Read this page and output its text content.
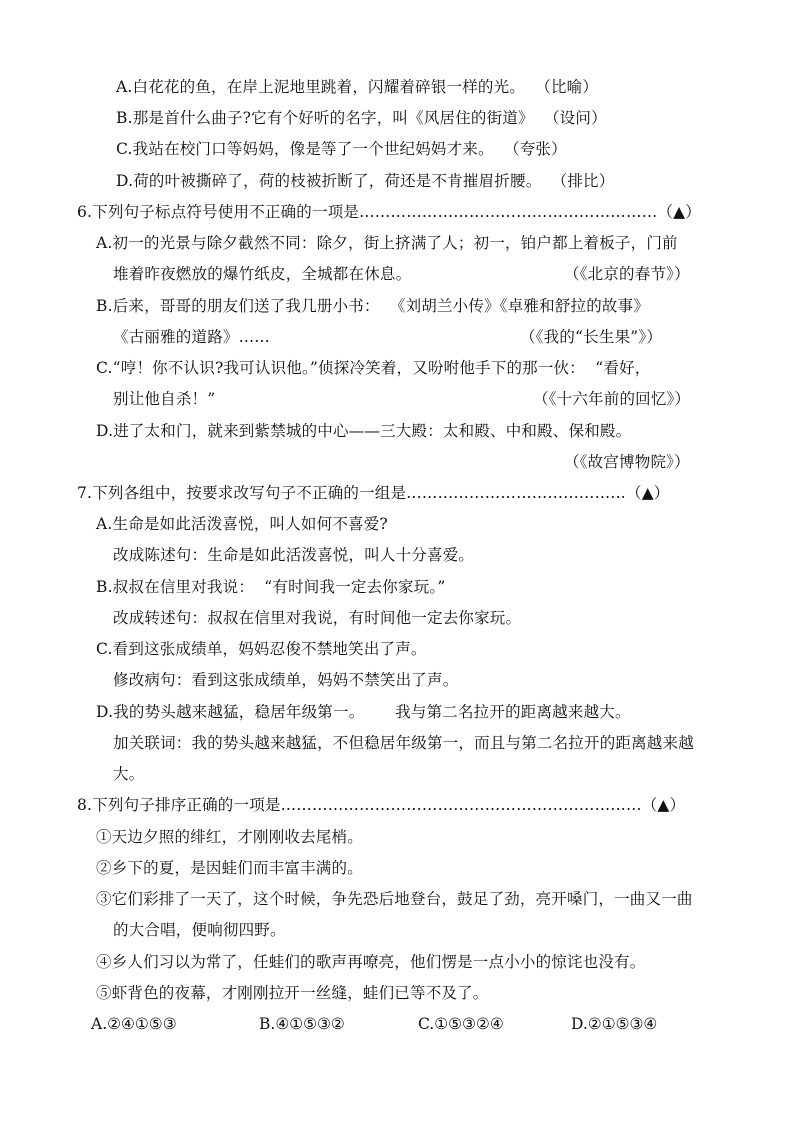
A.白花花的鱼，在岸上泥地里跳着，闪耀着碎银一样的光。  （比喻）
B.那是首什么曲子?它有个好听的名字，叫《风居住的街道》  （设问）
C.我站在校门口等妈妈，像是等了一个世纪妈妈才来。  （夸张）
D.荷的叶被撕碎了，荷的枝被折断了，荷还是不肯摧眉折腰。  （排比）
6.下列句子标点符号使用不正确的一项是…………………………………………………（▲）
A.初一的光景与除夕截然不同：除夕，街上挤满了人；初一，铂户都上着板子，门前
堆着昨夜燃放的爆竹纸皮，全城都在休息。	（《北京的春节》）
B.后来，哥哥的朋友们送了我几册小书：  《刘胡兰小传》《卓雅和舒拉的故事》
《古丽雅的道路》……	（《我的“长生果”》）
C.“哼！你不认识?我可认识他。”侦探冷笑着，又吩咐他手下的那一伙：  “看好，
别让他自杀！”	（《十六年前的回忆》）
D.进了太和门，就来到紫禁城的中心——三大殿：太和殿、中和殿、保和殿。
（《故宫博物院》）
7.下列各组中，按要求改写句子不正确的一组是……………………………………（▲）
A.生命是如此活泼喜悦，叫人如何不喜爱?
改成陈述句：生命是如此活泼喜悦，叫人十分喜爱。
B.叔叔在信里对我说：  “有时间我一定去你家玩。”
改成转述句：叔叔在信里对我说，有时间他一定去你家玩。
C.看到这张成绩单，妈妈忍俊不禁地笑出了声。
修改病句：看到这张成绩单，妈妈不禁笑出了声。
D.我的势头越来越猛，稳居年级第一。      我与第二名拉开的距离越来越大。
加关联词：我的势头越来越猛，不但稳居年级第一，而且与第二名拉开的距离越来越
大。
8.下列句子排序正确的一项是……………………………………………………………（▲）
①天边夕照的绯红，才刚刚收去尾梢。
②乡下的夏，是因蛙们而丰富丰满的。
③它们彩排了一天了，这个时候，争先恐后地登台，鼓足了劲，亮开嗓门，一曲又一曲
的大合唱，便响彻四野。
④乡人们习以为常了，任蛙们的歌声再嘹亮，他们愣是一点小小的惊诧也没有。
⑤虾背色的夜幕，才刚刚拉开一丝缝，蛙们已等不及了。
A.②④①⑤③	B.④①⑤③②	C.①⑤③②④	D.②①⑤③④
